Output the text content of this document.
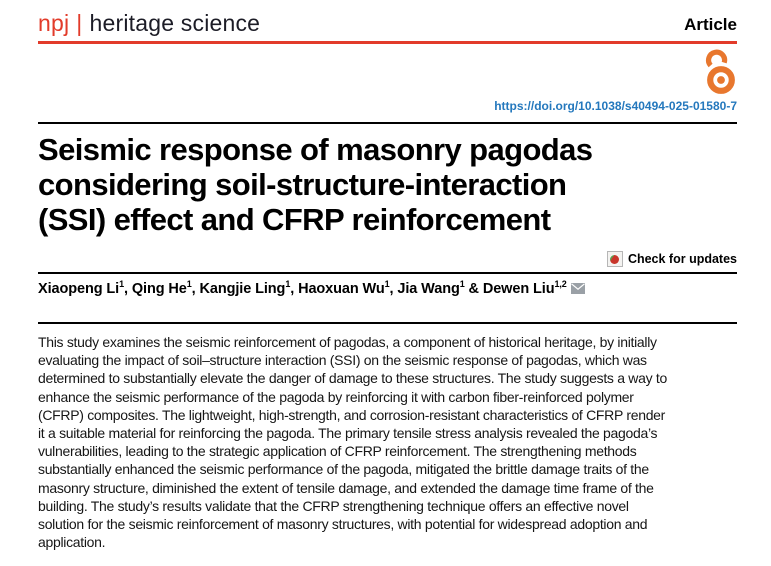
npj | heritage science	Article
https://doi.org/10.1038/s40494-025-01580-7
Seismic response of masonry pagodas
considering soil-structure-interaction
(SSI) effect and CFRP reinforcement
Check for updates

Xiaopeng Li$^1$, Qing He$^1$, Kangjie Ling$^1$, Haoxuan Wu$^1$, Jia Wang$^1$ & Dewen Liu$^{1,2}$

This study examines the seismic reinforcement of pagodas, a component of historical heritage, by initially evaluating the impact of soil–structure interaction (SSI) on the seismic response of pagodas, which was determined to substantially elevate the danger of damage to these structures. The study suggests a way to enhance the seismic performance of the pagoda by reinforcing it with carbon fiber-reinforced polymer (CFRP) composites. The lightweight, high-strength, and corrosion-resistant characteristics of CFRP render it a suitable material for reinforcing the pagoda. The primary tensile stress analysis revealed the pagoda’s vulnerabilities, leading to the strategic application of CFRP reinforcement. The strengthening methods substantially enhanced the seismic performance of the pagoda, mitigated the brittle damage traits of the masonry structure, diminished the extent of tensile damage, and extended the damage time frame of the building. The study’s results validate that the CFRP strengthening technique offers an effective novel solution for the seismic reinforcement of masonry structures, with potential for widespread adoption and application.
